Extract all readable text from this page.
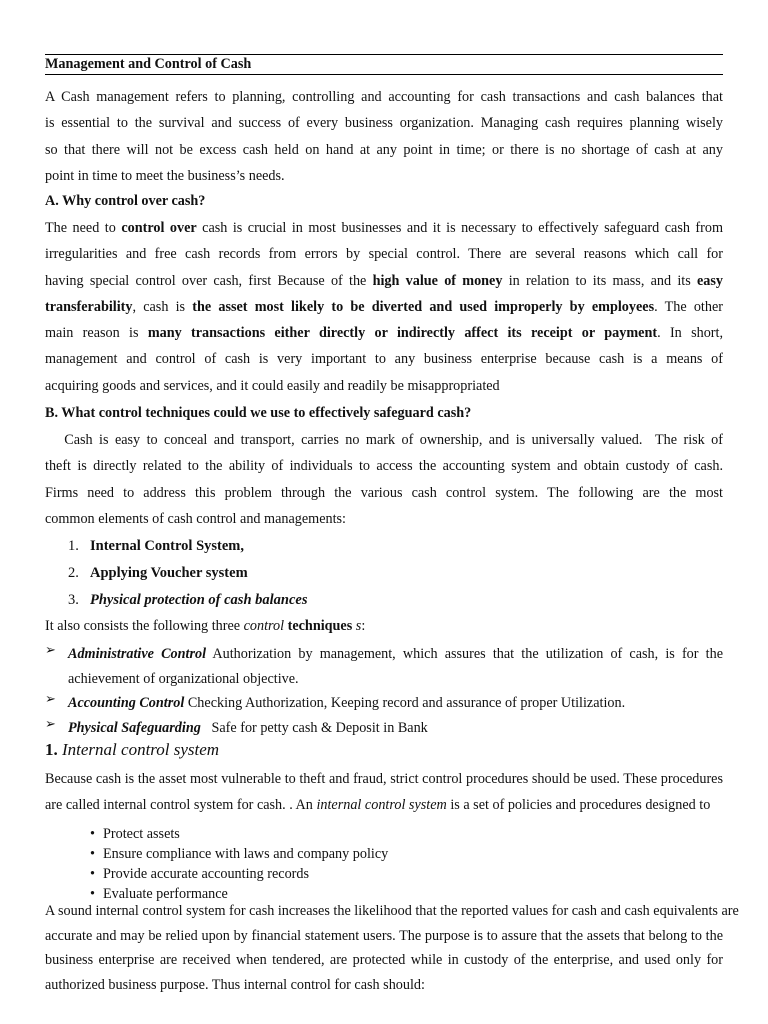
Management and Control of Cash
A Cash management refers to planning, controlling and accounting for cash transactions and cash balances that
is essential to the survival and success of every business organization. Managing cash requires planning wisely
so that there will not be excess cash held on hand at any point in time; or there is no shortage of cash at any
point in time to meet the business’s needs.
A. Why control over cash?
The need to control over cash is crucial in most businesses and it is necessary to effectively safeguard cash from
irregularities and free cash records from errors by special control. There are several reasons which call for
having special control over cash, first Because of the high value of money in relation to its mass, and its easy
transferability, cash is the asset most likely to be diverted and used improperly by employees. The other
main reason is many transactions either directly or indirectly affect its receipt or payment. In short,
management and control of cash is very important to any business enterprise because cash is a means of
acquiring goods and services, and it could easily and readily be misappropriated
B. What control techniques could we use to effectively safeguard cash?
Cash is easy to conceal and transport, carries no mark of ownership, and is universally valued.  The risk of
theft is directly related to the ability of individuals to access the accounting system and obtain custody of cash.
Firms need to address this problem through the various cash control system. The following are the most
common elements of cash control and managements:
1. Internal Control System,
2. Applying Voucher system
3. Physical protection of cash balances
It also consists the following three control techniques s:
➢ Administrative Control Authorization by management, which assures that the utilization of cash, is for the
achievement of organizational objective.
➢ Accounting Control Checking Authorization, Keeping record and assurance of proper Utilization.
➢ Physical Safeguarding   Safe for petty cash & Deposit in Bank
1. Internal control system
Because cash is the asset most vulnerable to theft and fraud, strict control procedures should be used. These procedures
are called internal control system for cash. . An internal control system is a set of policies and procedures designed to
• Protect assets
• Ensure compliance with laws and company policy
• Provide accurate accounting records
• Evaluate performance
A sound internal control system for cash increases the likelihood that the reported values for cash and cash equivalents are
accurate and may be relied upon by financial statement users. The purpose is to assure that the assets that belong to the
business enterprise are received when tendered, are protected while in custody of the enterprise, and used only for
authorized business purpose. Thus internal control for cash should:
